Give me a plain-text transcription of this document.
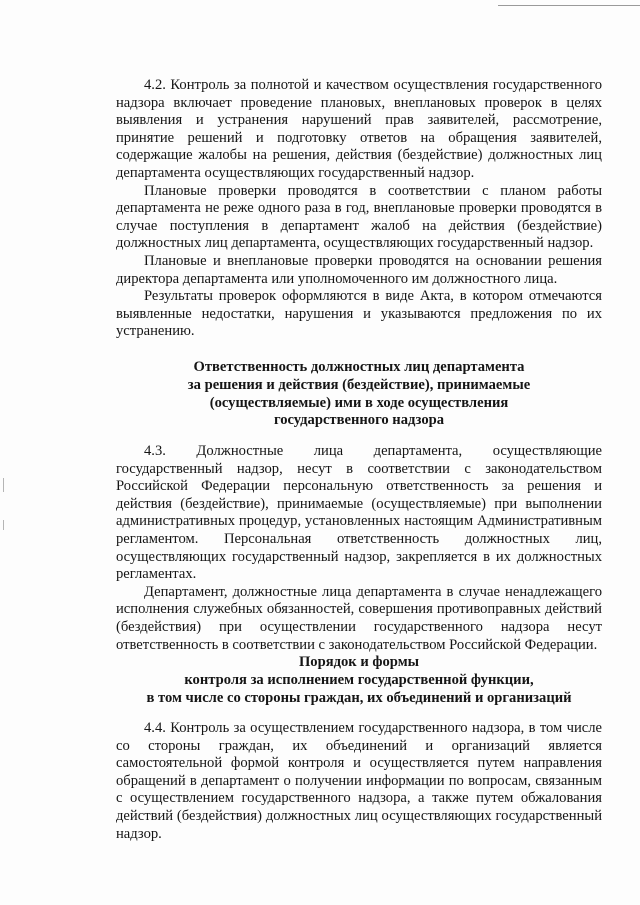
4.2. Контроль за полнотой и качеством осуществления государственного надзора включает проведение плановых, внеплановых проверок в целях выявления и устранения нарушений прав заявителей, рассмотрение, принятие решений и подготовку ответов на обращения заявителей, содержащие жалобы на решения, действия (бездействие) должностных лиц департамента осуществляющих государственный надзор.

Плановые проверки проводятся в соответствии с планом работы департамента не реже одного раза в год, внеплановые проверки проводятся в случае поступления в департамент жалоб на действия (бездействие) должностных лиц департамента, осуществляющих государственный надзор.

Плановые и внеплановые проверки проводятся на основании решения директора департамента или уполномоченного им должностного лица.

Результаты проверок оформляются в виде Акта, в котором отмечаются выявленные недостатки, нарушения и указываются предложения по их устранению.

Ответственность должностных лиц департамента
за решения и действия (бездействие), принимаемые
(осуществляемые) ими в ходе осуществления
государственного надзора

4.3. Должностные лица департамента, осуществляющие государственный надзор, несут в соответствии с законодательством Российской Федерации персональную ответственность за решения и действия (бездействие), принимаемые (осуществляемые) при выполнении административных процедур, установленных настоящим Административным регламентом. Персональная ответственность должностных лиц, осуществляющих государственный надзор, закрепляется в их должностных регламентах.

Департамент, должностные лица департамента в случае ненадлежащего исполнения служебных обязанностей, совершения противоправных действий (бездействия) при осуществлении государственного надзора несут ответственность в соответствии с законодательством Российской Федерации.

Порядок и формы
контроля за исполнением государственной функции,
в том числе со стороны граждан, их объединений и организаций

4.4. Контроль за осуществлением государственного надзора, в том числе со стороны граждан, их объединений и организаций является самостоятельной формой контроля и осуществляется путем направления обращений в департамент о получении информации по вопросам, связанным с осуществлением государственного надзора, а также путем обжалования действий (бездействия) должностных лиц осуществляющих государственный надзор.
